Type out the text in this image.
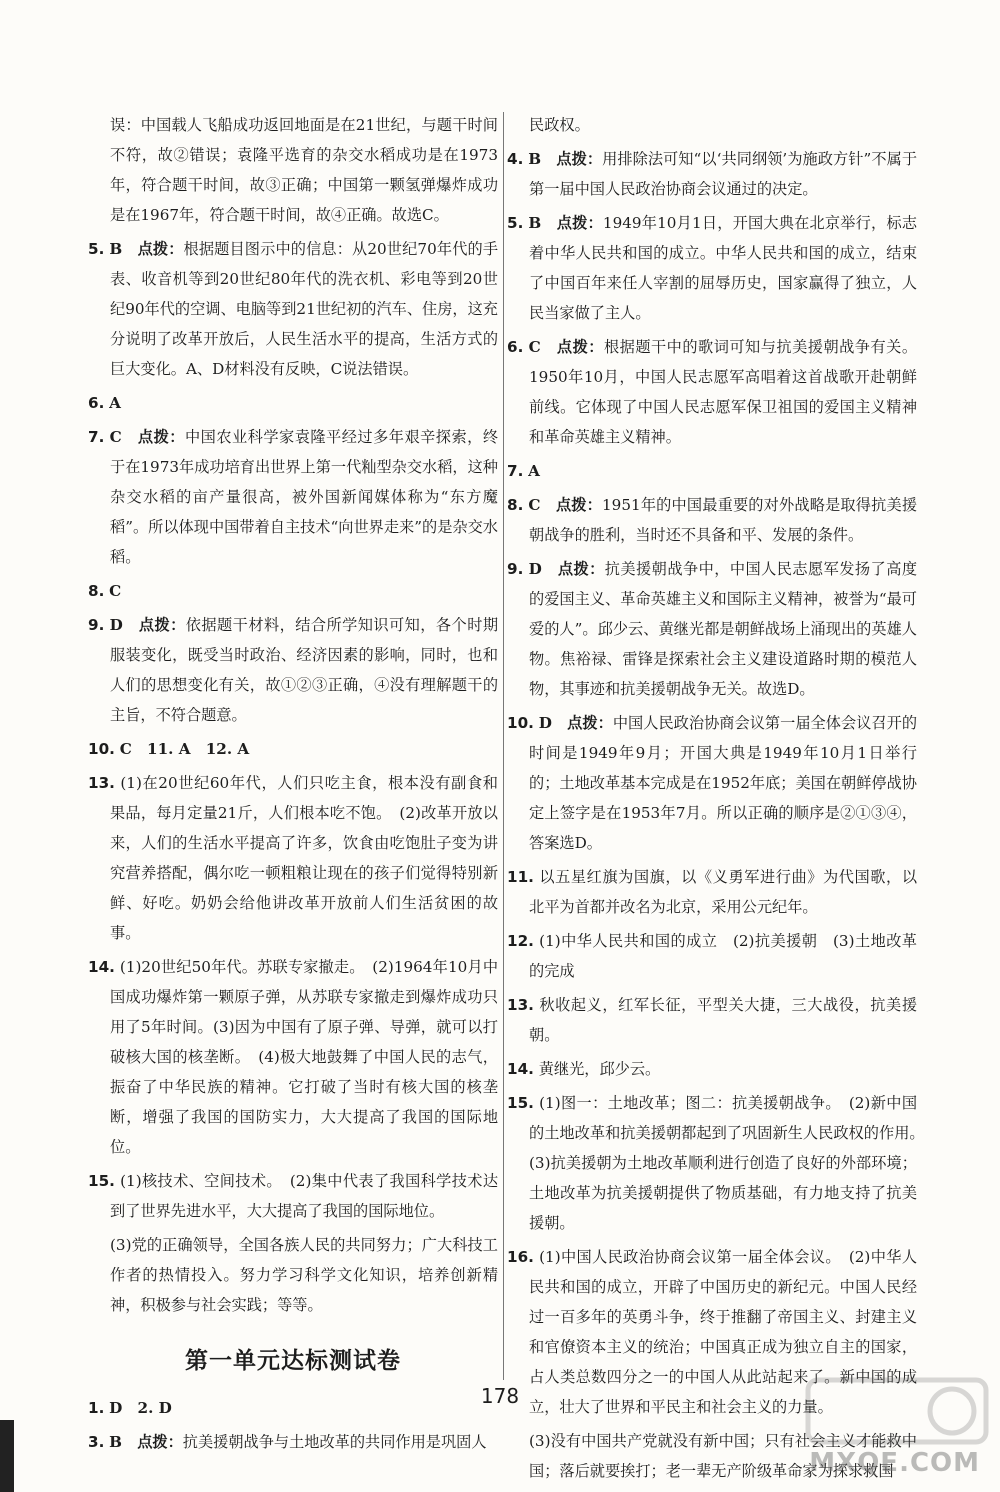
误：中国载人飞船成功返回地面是在21世纪，与题干时间不符，故②错误；袁隆平选育的杂交水稻成功是在1973年，符合题干时间，故③正确；中国第一颗氢弹爆炸成功是在1967年，符合题干时间，故④正确。故选C。
5. B　点拨：根据题目图示中的信息：从20世纪70年代的手表、收音机等到20世纪80年代的洗衣机、彩电等到20世纪90年代的空调、电脑等到21世纪初的汽车、住房，这充分说明了改革开放后，人民生活水平的提高，生活方式的巨大变化。A、D材料没有反映，C说法错误。
6. A
7. C　点拨：中国农业科学家袁隆平经过多年艰辛探索，终于在1973年成功培育出世界上第一代籼型杂交水稻，这种杂交水稻的亩产量很高，被外国新闻媒体称为“东方魔稻”。所以体现中国带着自主技术“向世界走来”的是杂交水稻。
8. C
9. D　点拨：依据题干材料，结合所学知识可知，各个时期服装变化，既受当时政治、经济因素的影响，同时，也和人们的思想变化有关，故①②③正确，④没有理解题干的主旨，不符合题意。
10. C　11. A　12. A
13. (1)在20世纪60年代，人们只吃主食，根本没有副食和果品，每月定量21斤，人们根本吃不饱。　(2)改革开放以来，人们的生活水平提高了许多，饮食由吃饱肚子变为讲究营养搭配，偶尔吃一顿粗粮让现在的孩子们觉得特别新鲜、好吃。奶奶会给他讲改革开放前人们生活贫困的故事。
14. (1)20世纪50年代。苏联专家撤走。　(2)1964年10月中国成功爆炸第一颗原子弹，从苏联专家撤走到爆炸成功只用了5年时间。(3)因为中国有了原子弹、导弹，就可以打破核大国的核垄断。　(4)极大地鼓舞了中国人民的志气，振奋了中华民族的精神。它打破了当时有核大国的核垄断，增强了我国的国防实力，大大提高了我国的国际地位。
15. (1)核技术、空间技术。　(2)集中代表了我国科学技术达到了世界先进水平，大大提高了我国的国际地位。
(3)党的正确领导，全国各族人民的共同努力；广大科技工作者的热情投入。努力学习科学文化知识，培养创新精神，积极参与社会实践；等等。
第一单元达标测试卷
1. D　2. D
3. B　点拨：抗美援朝战争与土地改革的共同作用是巩固人
民政权。
4. B　点拨：用排除法可知“以‘共同纲领’为施政方针”不属于第一届中国人民政治协商会议通过的决定。
5. B　点拨：1949年10月1日，开国大典在北京举行，标志着中华人民共和国的成立。中华人民共和国的成立，结束了中国百年来任人宰割的屈辱历史，国家赢得了独立，人民当家做了主人。
6. C　点拨：根据题干中的歌词可知与抗美援朝战争有关。1950年10月，中国人民志愿军高唱着这首战歌开赴朝鲜前线。它体现了中国人民志愿军保卫祖国的爱国主义精神和革命英雄主义精神。
7. A
8. C　点拨：1951年的中国最重要的对外战略是取得抗美援朝战争的胜利，当时还不具备和平、发展的条件。
9. D　点拨：抗美援朝战争中，中国人民志愿军发扬了高度的爱国主义、革命英雄主义和国际主义精神，被誉为“最可爱的人”。邱少云、黄继光都是朝鲜战场上涌现出的英雄人物。焦裕禄、雷锋是探索社会主义建设道路时期的模范人物，其事迹和抗美援朝战争无关。故选D。
10. D　点拨：中国人民政治协商会议第一届全体会议召开的时间是1949年9月；开国大典是1949年10月1日举行的；土地改革基本完成是在1952年底；美国在朝鲜停战协定上签字是在1953年7月。所以正确的顺序是②①③④，答案选D。
11. 以五星红旗为国旗，以《义勇军进行曲》为代国歌，以北平为首都并改名为北京，采用公元纪年。
12. (1)中华人民共和国的成立　(2)抗美援朝　(3)土地改革的完成
13. 秋收起义，红军长征，平型关大捷，三大战役，抗美援朝。
14. 黄继光，邱少云。
15. (1)图一：土地改革；图二：抗美援朝战争。　(2)新中国的土地改革和抗美援朝都起到了巩固新生人民政权的作用。　(3)抗美援朝为土地改革顺利进行创造了良好的外部环境；土地改革为抗美援朝提供了物质基础，有力地支持了抗美援朝。
16. (1)中国人民政治协商会议第一届全体会议。　(2)中华人民共和国的成立，开辟了中国历史的新纪元。中国人民经过一百多年的英勇斗争，终于推翻了帝国主义、封建主义和官僚资本主义的统治；中国真正成为独立自主的国家，占人类总数四分之一的中国人从此站起来了。新中国的成立，壮大了世界和平民主和社会主义的力量。
(3)没有中国共产党就没有新中国；只有社会主义才能救中国；落后就要挨打；老一辈无产阶级革命家为探求救国
178
MXQE.COM
